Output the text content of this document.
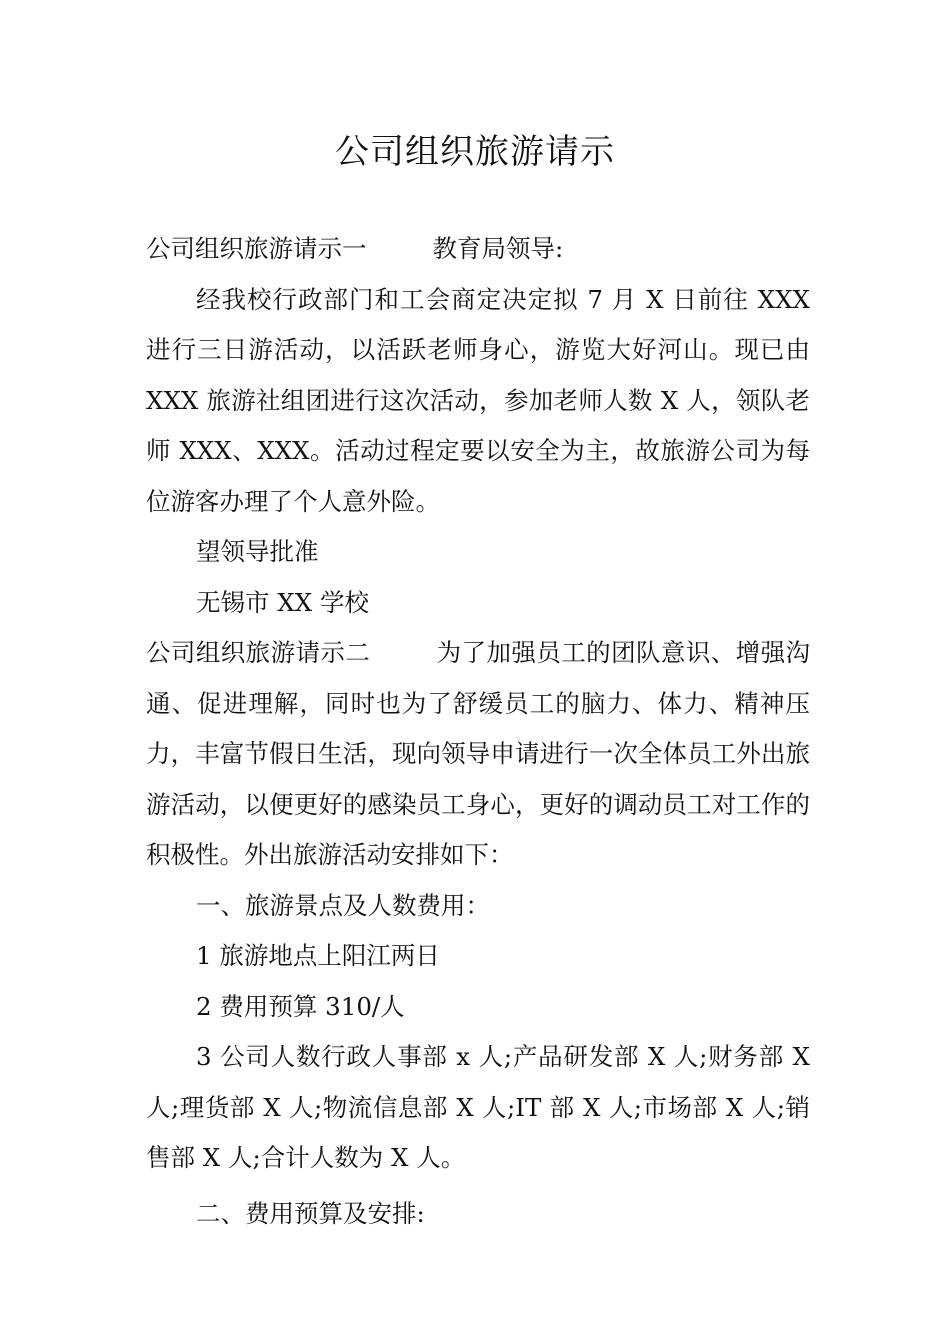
公司组织旅游请示

公司组织旅游请示一	教育局领导:

经我校行政部门和工会商定决定拟 7 月 X 日前往 XXX 进行三日游活动，以活跃老师身心，游览大好河山。现已由 XXX 旅游社组团进行这次活动，参加老师人数 X 人，领队老师 XXX、XXX。活动过程定要以安全为主，故旅游公司为每位游客办理了个人意外险。

望领导批准

无锡市 XX 学校

公司组织旅游请示二	为了加强员工的团队意识、增强沟通、促进理解，同时也为了舒缓员工的脑力、体力、精神压力，丰富节假日生活，现向领导申请进行一次全体员工外出旅游活动，以便更好的感染员工身心，更好的调动员工对工作的积极性。外出旅游活动安排如下：

一、旅游景点及人数费用：

1 旅游地点上阳江两日

2 费用预算 310/人

3 公司人数行政人事部 x 人;产品研发部 X 人;财务部 X 人;理货部 X 人;物流信息部 X 人;IT 部 X 人;市场部 X 人;销售部 X 人;合计人数为 X 人。

二、费用预算及安排:
